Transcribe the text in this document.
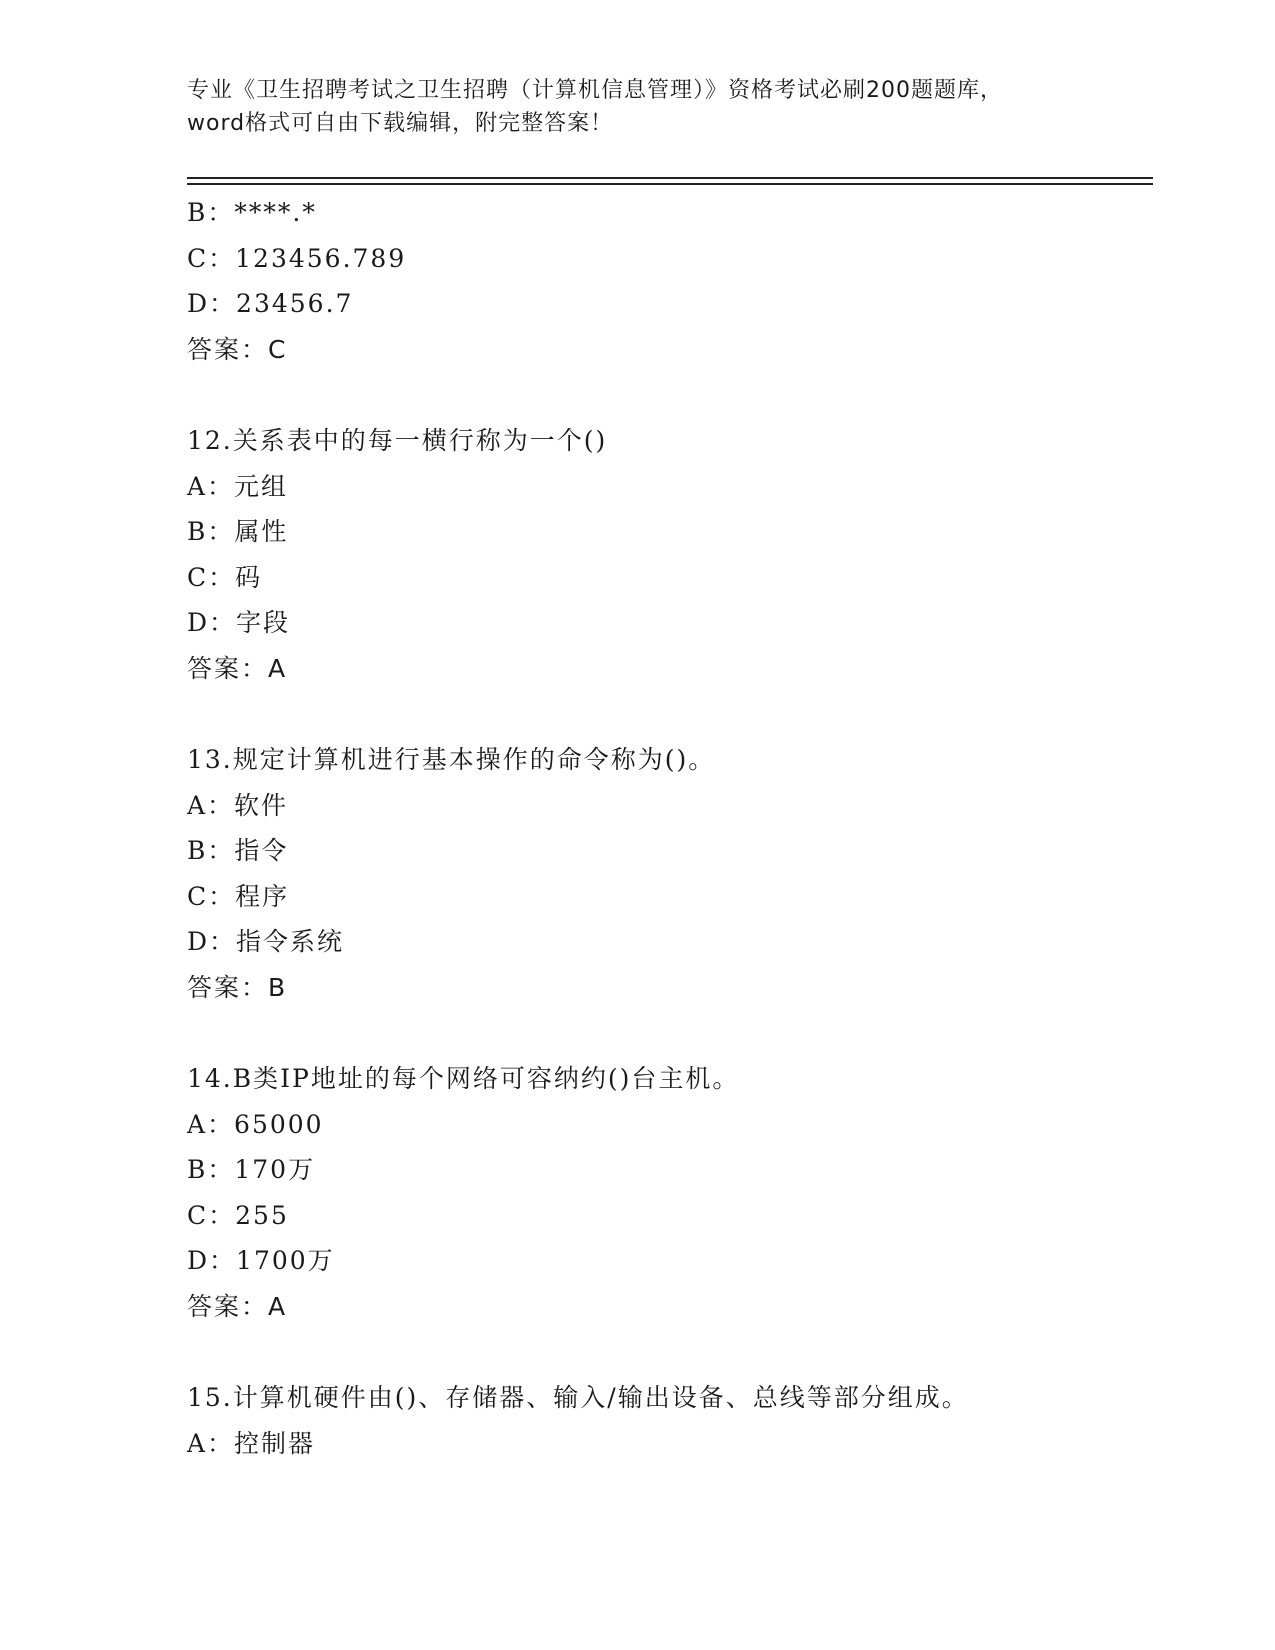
专业《卫生招聘考试之卫生招聘（计算机信息管理）》资格考试必刷200题题库，
word格式可自由下载编辑，附完整答案！
B：****.*
C：123456.789
D：23456.7
答案：C
12.关系表中的每一横行称为一个()
A：元组
B：属性
C：码
D：字段
答案：A
13.规定计算机进行基本操作的命令称为()。
A：软件
B：指令
C：程序
D：指令系统
答案：B
14.B类IP地址的每个网络可容纳约()台主机。
A：65000
B：170万
C：255
D：1700万
答案：A
15.计算机硬件由()、存储器、输入/输出设备、总线等部分组成。
A：控制器
